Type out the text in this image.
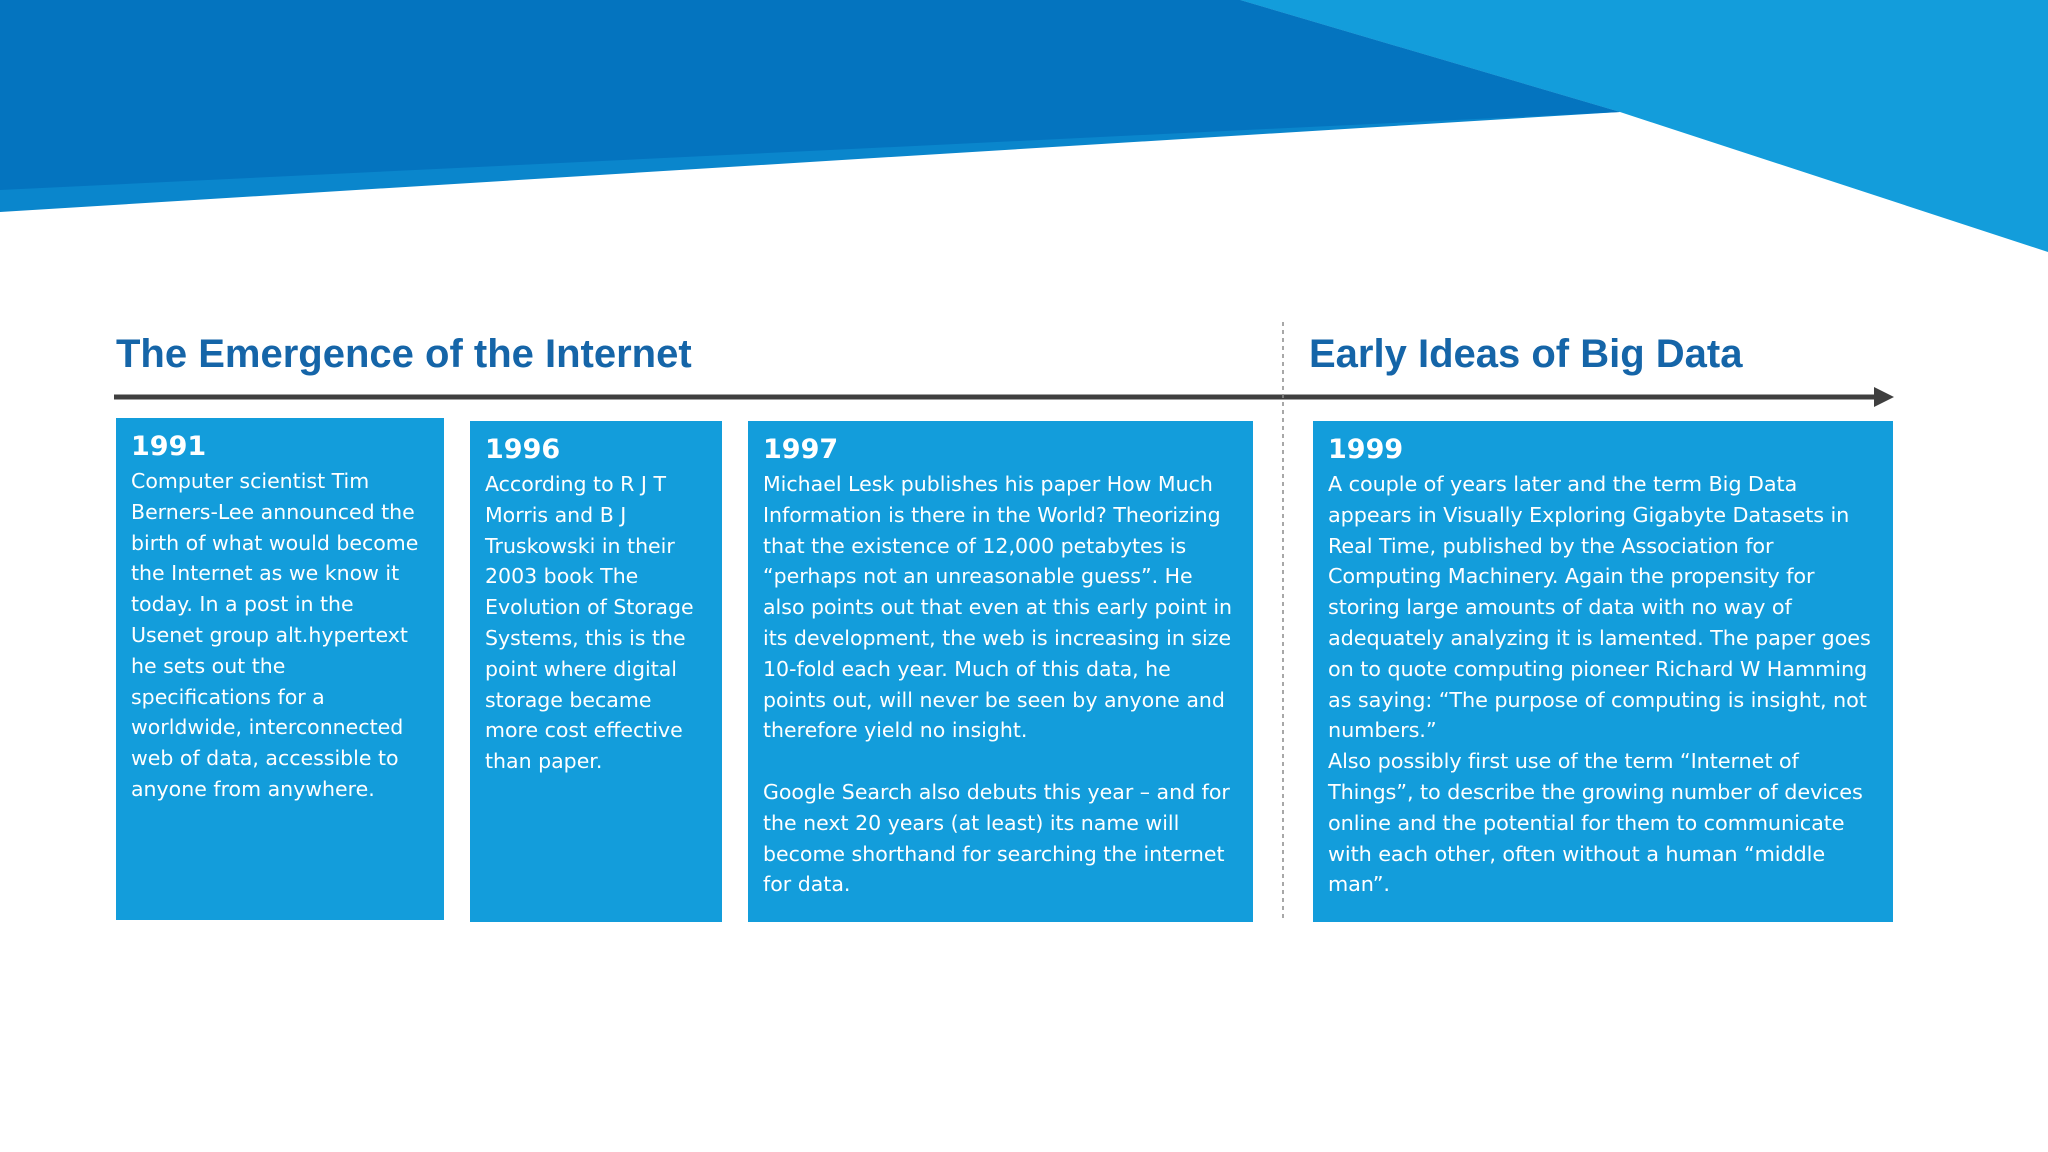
The Emergence of the Internet	Early Ideas of Big Data
1991

Computer scientist Tim Berners-Lee announced the birth of what would become the Internet as we know it today. In a post in the Usenet group alt.hypertext he sets out the specifications for a worldwide, interconnected web of data, accessible to anyone from anywhere.

1996

According to R J T Morris and B J Truskowski in their 2003 book The Evolution of Storage Systems, this is the point where digital storage became more cost effective than paper.

1997

Michael Lesk publishes his paper How Much Information is there in the World? Theorizing that the existence of 12,000 petabytes is “perhaps not an unreasonable guess”. He also points out that even at this early point in its development, the web is increasing in size 10-fold each year. Much of this data, he points out, will never be seen by anyone and therefore yield no insight.

Google Search also debuts this year – and for the next 20 years (at least) its name will become shorthand for searching the internet for data.

1999

A couple of years later and the term Big Data appears in Visually Exploring Gigabyte Datasets in Real Time, published by the Association for Computing Machinery. Again the propensity for storing large amounts of data with no way of adequately analyzing it is lamented. The paper goes on to quote computing pioneer Richard W Hamming as saying: “The purpose of computing is insight, not numbers.”

Also possibly first use of the term “Internet of Things”, to describe the growing number of devices online and the potential for them to communicate with each other, often without a human “middle man”.
